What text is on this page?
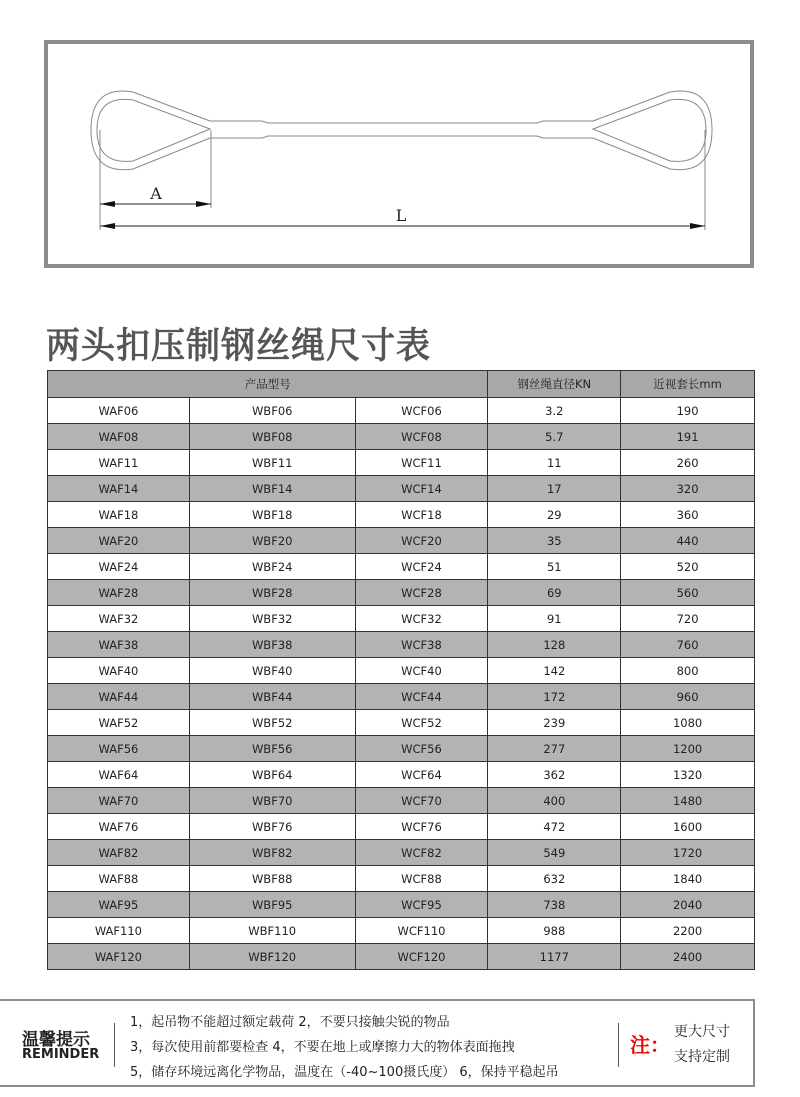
A
L
两头扣压制钢丝绳尺寸表
产品型号			钢丝绳直径KN	近视套长mm
WAF06	WBF06	WCF06	3.2	190
WAF08	WBF08	WCF08	5.7	191
WAF11	WBF11	WCF11	11	260
WAF14	WBF14	WCF14	17	320
WAF18	WBF18	WCF18	29	360
WAF20	WBF20	WCF20	35	440
WAF24	WBF24	WCF24	51	520
WAF28	WBF28	WCF28	69	560
WAF32	WBF32	WCF32	91	720
WAF38	WBF38	WCF38	128	760
WAF40	WBF40	WCF40	142	800
WAF44	WBF44	WCF44	172	960
WAF52	WBF52	WCF52	239	1080
WAF56	WBF56	WCF56	277	1200
WAF64	WBF64	WCF64	362	1320
WAF70	WBF70	WCF70	400	1480
WAF76	WBF76	WCF76	472	1600
WAF82	WBF82	WCF82	549	1720
WAF88	WBF88	WCF88	632	1840
WAF95	WBF95	WCF95	738	2040
WAF110	WBF110	WCF110	988	2200
WAF120	WBF120	WCF120	1177	2400
温馨提示
REMINDER
1，起吊物不能超过额定载荷 2，不要只接触尖锐的物品
3，每次使用前都要检查 4，不要在地上或摩擦力大的物体表面拖拽
5，储存环境远离化学物品，温度在（-40~100摄氏度） 6，保持平稳起吊
注：
更大尺寸
支持定制
